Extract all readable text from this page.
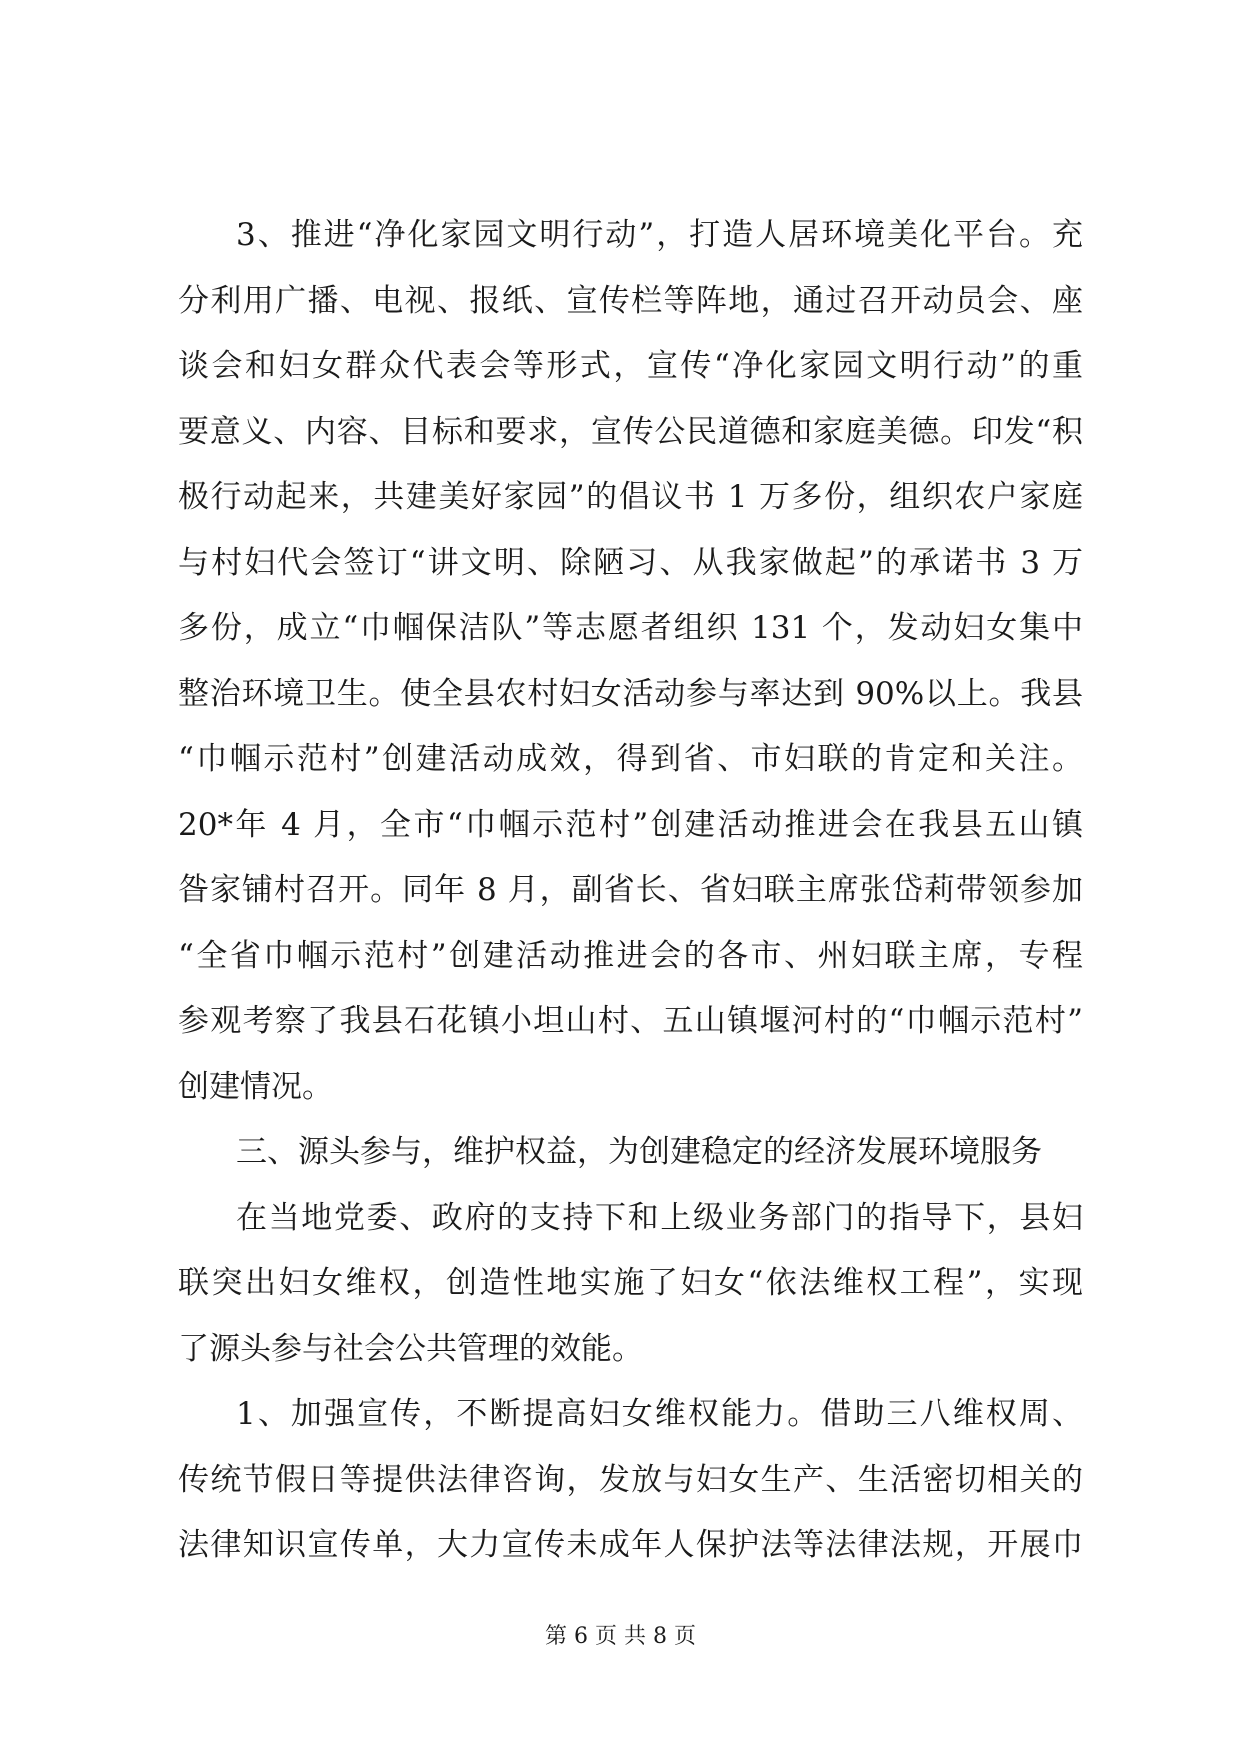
3、推进“净化家园文明行动”，打造人居环境美化平台。充
分利用广播、电视、报纸、宣传栏等阵地，通过召开动员会、座
谈会和妇女群众代表会等形式，宣传“净化家园文明行动”的重
要意义、内容、目标和要求，宣传公民道德和家庭美德。印发“积
极行动起来，共建美好家园”的倡议书 1 万多份，组织农户家庭
与村妇代会签订“讲文明、除陋习、从我家做起”的承诺书 3 万
多份，成立“巾帼保洁队”等志愿者组织 131 个，发动妇女集中
整治环境卫生。使全县农村妇女活动参与率达到 90%以上。我县
“巾帼示范村”创建活动成效，得到省、市妇联的肯定和关注。
20*年 4 月，全市“巾帼示范村”创建活动推进会在我县五山镇
昝家铺村召开。同年 8 月，副省长、省妇联主席张岱莉带领参加
“全省巾帼示范村”创建活动推进会的各市、州妇联主席，专程
参观考察了我县石花镇小坦山村、五山镇堰河村的“巾帼示范村”
创建情况。
三、源头参与，维护权益，为创建稳定的经济发展环境服务
在当地党委、政府的支持下和上级业务部门的指导下，县妇
联突出妇女维权，创造性地实施了妇女“依法维权工程”，实现
了源头参与社会公共管理的效能。
1、加强宣传，不断提高妇女维权能力。借助三八维权周、
传统节假日等提供法律咨询，发放与妇女生产、生活密切相关的
法律知识宣传单，大力宣传未成年人保护法等法律法规，开展巾
第 6 页 共 8 页
